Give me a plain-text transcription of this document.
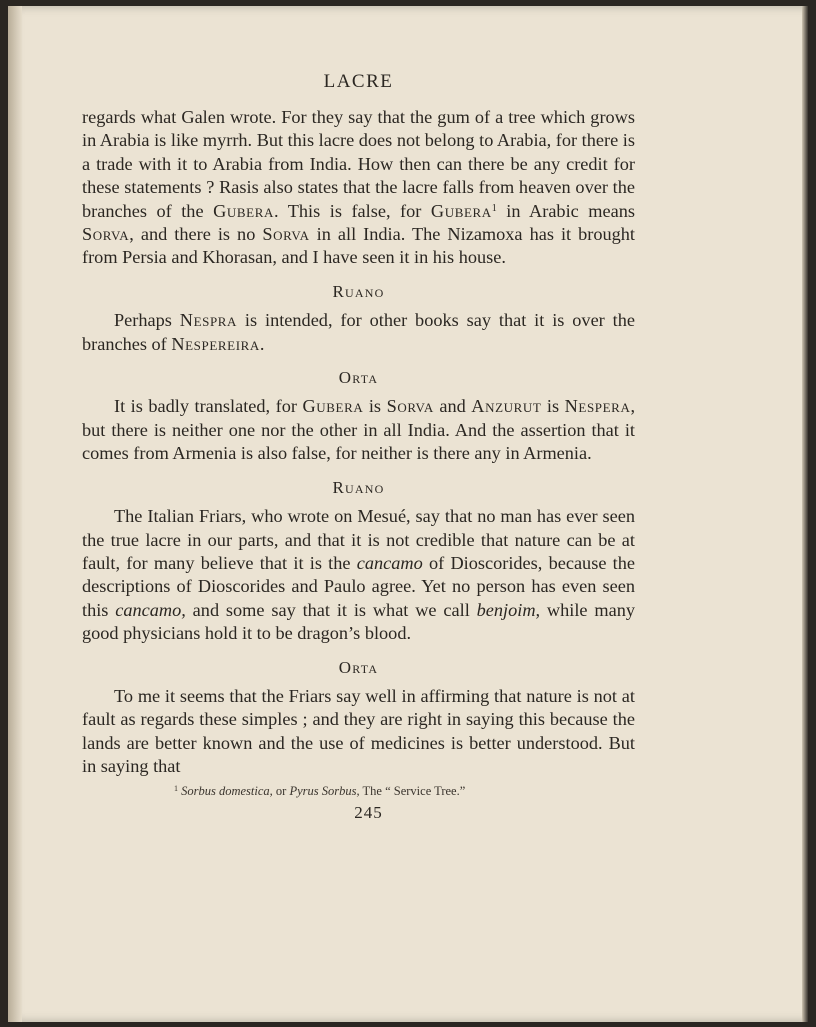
LACRE

regards what Galen wrote. For they say that the gum of a tree which grows in Arabia is like myrrh. But this lacre does not belong to Arabia, for there is a trade with it to Arabia from India. How then can there be any credit for these statements ? Rasis also states that the lacre falls from heaven over the branches of the Gubera. This is false, for Gubera$^1$ in Arabic means Sorva, and there is no Sorva in all India. The Nizamoxa has it brought from Persia and Khorasan, and I have seen it in his house.

Ruano

Perhaps Nespra is intended, for other books say that it is over the branches of Nespereira.

Orta

It is badly translated, for Gubera is Sorva and Anzurut is Nespera, but there is neither one nor the other in all India. And the assertion that it comes from Armenia is also false, for neither is there any in Armenia.

Ruano

The Italian Friars, who wrote on Mesué, say that no man has ever seen the true lacre in our parts, and that it is not credible that nature can be at fault, for many believe that it is the cancamo of Dioscorides, because the descriptions of Dioscorides and Paulo agree. Yet no person has even seen this cancamo, and some say that it is what we call benjoim, while many good physicians hold it to be dragon’s blood.

Orta

To me it seems that the Friars say well in affirming that nature is not at fault as regards these simples ; and they are right in saying this because the lands are better known and the use of medicines is better understood. But in saying that

$^1$ Sorbus domestica, or Pyrus Sorbus, The “ Service Tree.”
245
